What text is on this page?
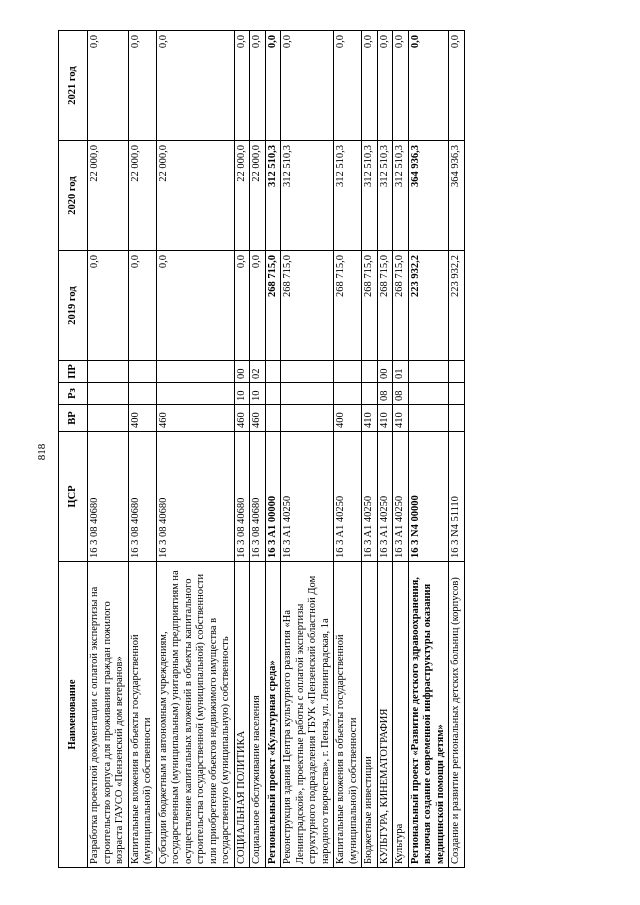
818
Наименование	ЦСР	ВР	Рз	ПР	2019 год	2020 год	2021 год
Разработка проектной документации с оплатой экспертизы на строительство корпуса для проживания граждан пожилого возраста ГАУСО «Пензенский дом ветеранов»	16 3 08 40680				0,0	22 000,0	0,0
Капитальные вложения в объекты государственной (муниципальной) собственности	16 3 08 40680	400			0,0	22 000,0	0,0
Субсидии бюджетным и автономным учреждениям, государственным (муниципальным) унитарным предприятиям на осуществление капитальных вложений в объекты капитального строительства государственной (муниципальной) собственности или приобретение объектов недвижимого имущества в государственную (муниципальную) собственность	16 3 08 40680	460			0,0	22 000,0	0,0
СОЦИАЛЬНАЯ ПОЛИТИКА	16 3 08 40680	460	10	00	0,0	22 000,0	0,0
Социальное обслуживание населения	16 3 08 40680	460	10	02	0,0	22 000,0	0,0
Региональный проект «Культурная среда»	16 3 A1 00000				268 715,0	312 510,3	0,0
Реконструкция здания Центра культурного развития «На Ленинградской», проектные работы с оплатой экспертизы структурного подразделения ГБУК «Пензенский областной Дом народного творчества», г. Пенза, ул. Ленинградская, 1а	16 3 A1 40250				268 715,0	312 510,3	0,0
Капитальные вложения в объекты государственной (муниципальной) собственности	16 3 A1 40250	400			268 715,0	312 510,3	0,0
Бюджетные инвестиции	16 3 A1 40250	410			268 715,0	312 510,3	0,0
КУЛЬТУРА, КИНЕМАТОГРАФИЯ	16 3 A1 40250	410	08	00	268 715,0	312 510,3	0,0
Культура	16 3 A1 40250	410	08	01	268 715,0	312 510,3	0,0
Региональный проект «Развитие детского здравоохранения, включая создание современной инфраструктуры оказания медицинской помощи детям»	16 3 N4 00000				223 932,2	364 936,3	0,0
Создание и развитие региональных детских больниц (корпусов)	16 3 N4 51110				223 932,2	364 936,3	0,0
